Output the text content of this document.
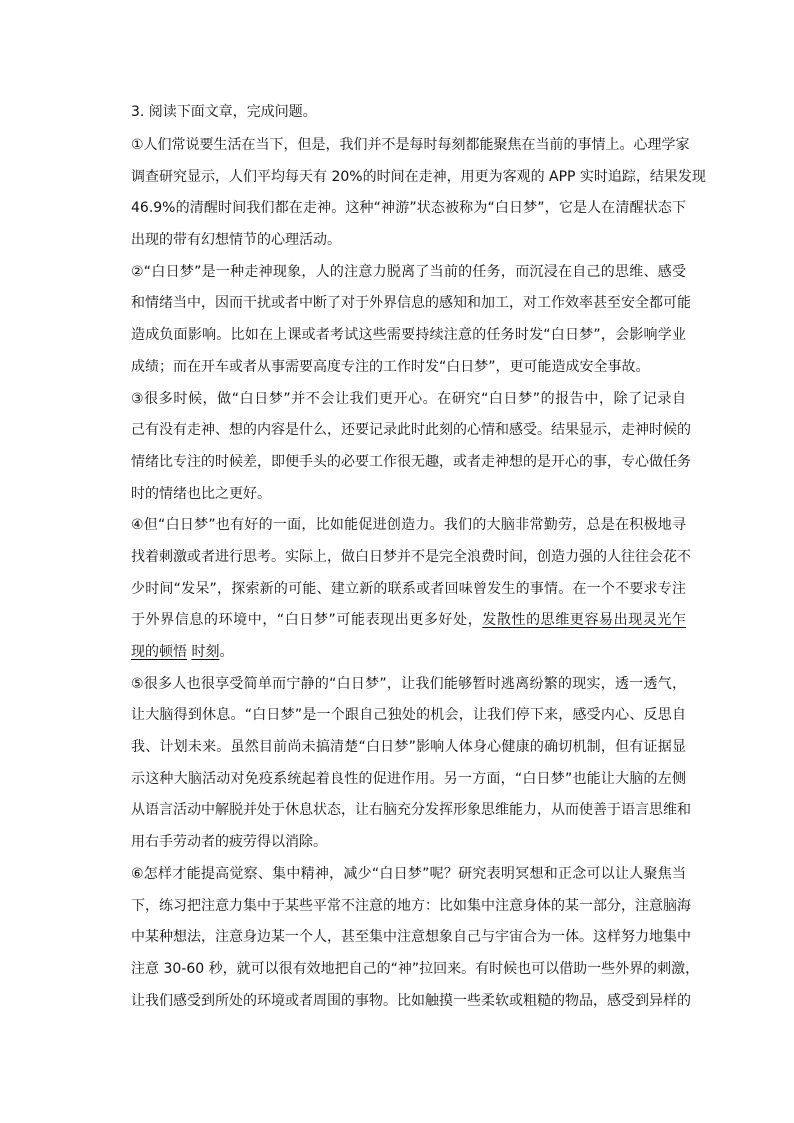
3. 阅读下面文章，完成问题。
①人们常说要生活在当下，但是，我们并不是每时每刻都能聚焦在当前的事情上。心理学家
调查研究显示，人们平均每天有 20%的时间在走神，用更为客观的 APP 实时追踪，结果发现
46.9%的清醒时间我们都在走神。这种“神游”状态被称为“白日梦”，它是人在清醒状态下
出现的带有幻想情节的心理活动。
②“白日梦”是一种走神现象，人的注意力脱离了当前的任务，而沉浸在自己的思维、感受
和情绪当中，因而干扰或者中断了对于外界信息的感知和加工，对工作效率甚至安全都可能
造成负面影响。比如在上课或者考试这些需要持续注意的任务时发“白日梦”，会影响学业
成绩；而在开车或者从事需要高度专注的工作时发“白日梦”，更可能造成安全事故。
③很多时候，做“白日梦”并不会让我们更开心。在研究“白日梦”的报告中，除了记录自
己有没有走神、想的内容是什么，还要记录此时此刻的心情和感受。结果显示，走神时候的
情绪比专注的时候差，即便手头的必要工作很无趣，或者走神想的是开心的事，专心做任务
时的情绪也比之更好。
④但“白日梦”也有好的一面，比如能促进创造力。我们的大脑非常勤劳，总是在积极地寻
找着刺激或者进行思考。实际上，做白日梦并不是完全浪费时间，创造力强的人往往会花不
少时间“发呆”，探索新的可能、建立新的联系或者回味曾发生的事情。在一个不要求专注
于外界信息的环境中，“白日梦”可能表现出更多好处，发散性的思维更容易出现灵光乍
现的顿悟 时刻。
⑤很多人也很享受简单而宁静的“白日梦”，让我们能够暂时逃离纷繁的现实，透一透气，
让大脑得到休息。“白日梦”是一个跟自己独处的机会，让我们停下来，感受内心、反思自
我、计划未来。虽然目前尚未搞清楚“白日梦”影响人体身心健康的确切机制，但有证据显
示这种大脑活动对免疫系统起着良性的促进作用。另一方面，“白日梦”也能让大脑的左侧
从语言活动中解脱并处于休息状态，让右脑充分发挥形象思维能力，从而使善于语言思维和
用右手劳动者的疲劳得以消除。
⑥怎样才能提高觉察、集中精神，减少“白日梦”呢？研究表明冥想和正念可以让人聚焦当
下，练习把注意力集中于某些平常不注意的地方：比如集中注意身体的某一部分，注意脑海
中某种想法，注意身边某一个人，甚至集中注意想象自己与宇宙合为一体。这样努力地集中
注意 30-60 秒，就可以很有效地把自己的“神”拉回来。有时候也可以借助一些外界的刺激，
让我们感受到所处的环境或者周围的事物。比如触摸一些柔软或粗糙的物品，感受到异样的
